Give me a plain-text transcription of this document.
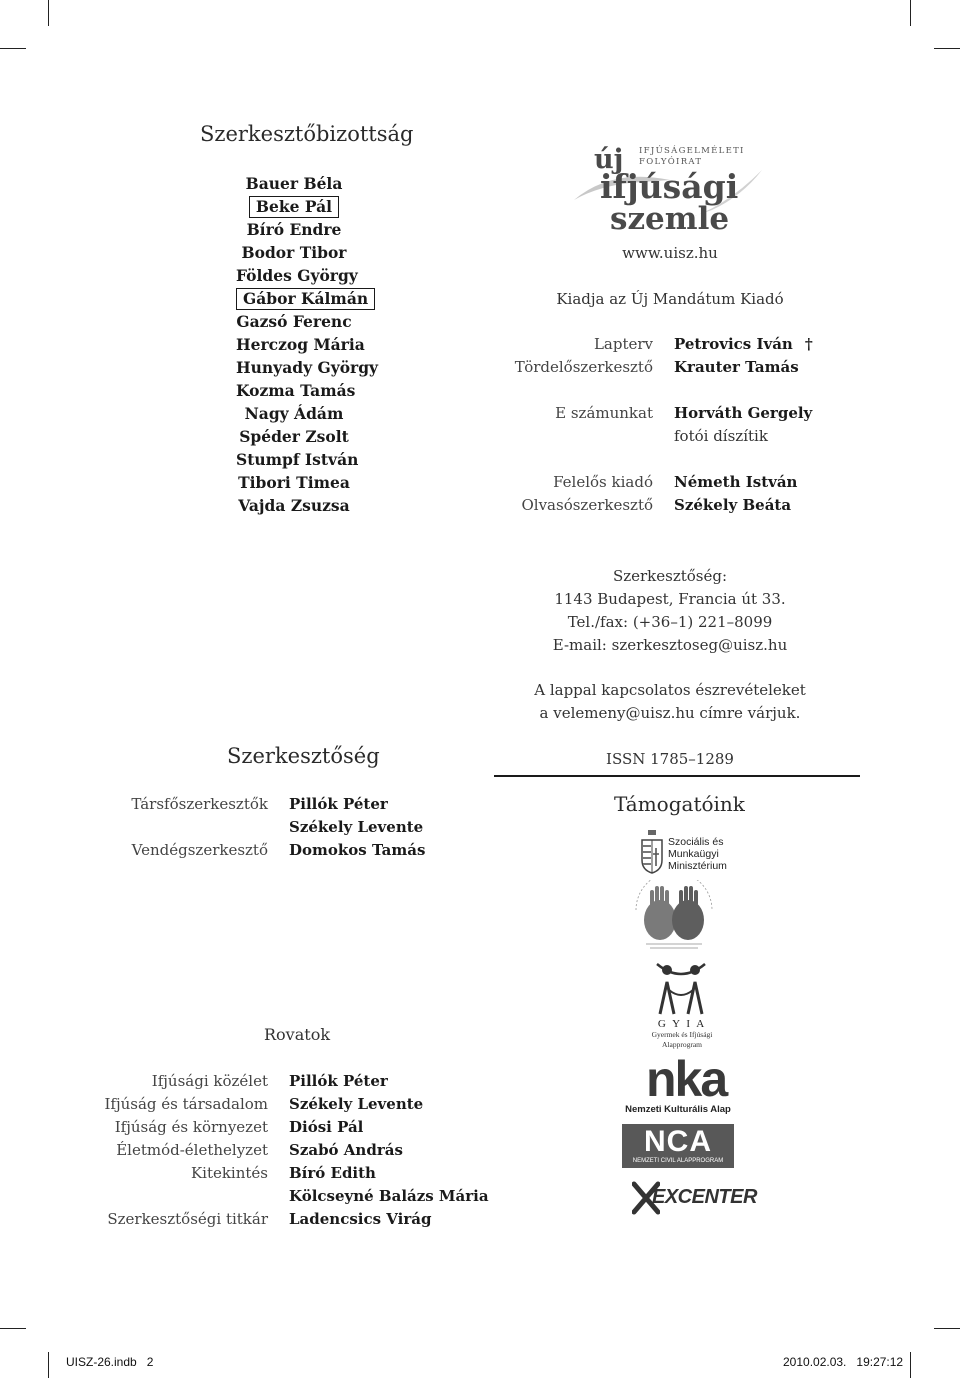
Szerkesztőbizottság
Bauer Béla
Beke Pál
Bíró Endre
Bodor Tibor
Földes György
Gábor Kálmán
Gazsó Ferenc
Herczog Mária
Hunyady György
Kozma Tamás
Nagy Ádám
Spéder Zsolt
Stumpf István
Tibori Timea
Vajda Zsuzsa
új IFJÚSÁGELMÉLETI
FOLYÓIRAT
ifjúsági
szemle
www.uisz.hu
Kiadja az Új Mandátum Kiadó
Lapterv Petrovics Iván †
Tördelőszerkesztő Krauter Tamás
E számunkat Horváth Gergely
fotói díszítik
Felelős kiadó Németh István
Olvasószerkesztő Székely Beáta
Szerkesztőség:
1143 Budapest, Francia út 33.
Tel./fax: (+36–1) 221–8099
E-mail: szerkesztoseg@uisz.hu
A lappal kapcsolatos észrevételeket
a velemeny@uisz.hu címre várjuk.
ISSN 1785–1289
Szerkesztőség
Társfőszerkesztők Pillók Péter
Székely Levente
Vendégszerkesztő Domokos Tamás
Rovatok
Ifjúsági közélet Pillók Péter
Ifjúság és társadalom Székely Levente
Ifjúság és környezet Diósi Pál
Életmód-élethelyzet Szabó András
Kitekintés Bíró Edith
Kölcseyné Balázs Mária
Szerkesztőségi titkár Ladencsics Virág
Támogatóink
Szociális és
Munkaügyi
Minisztérium
G Y I A
Gyermek és Ifjúsági
Alapprogram
nka
Nemzeti Kulturális Alap
NCA
NEMZETI CIVIL ALAPPROGRAM
EXCENTER
UISZ-26.indb   2	2010.02.03.   19:27:12
